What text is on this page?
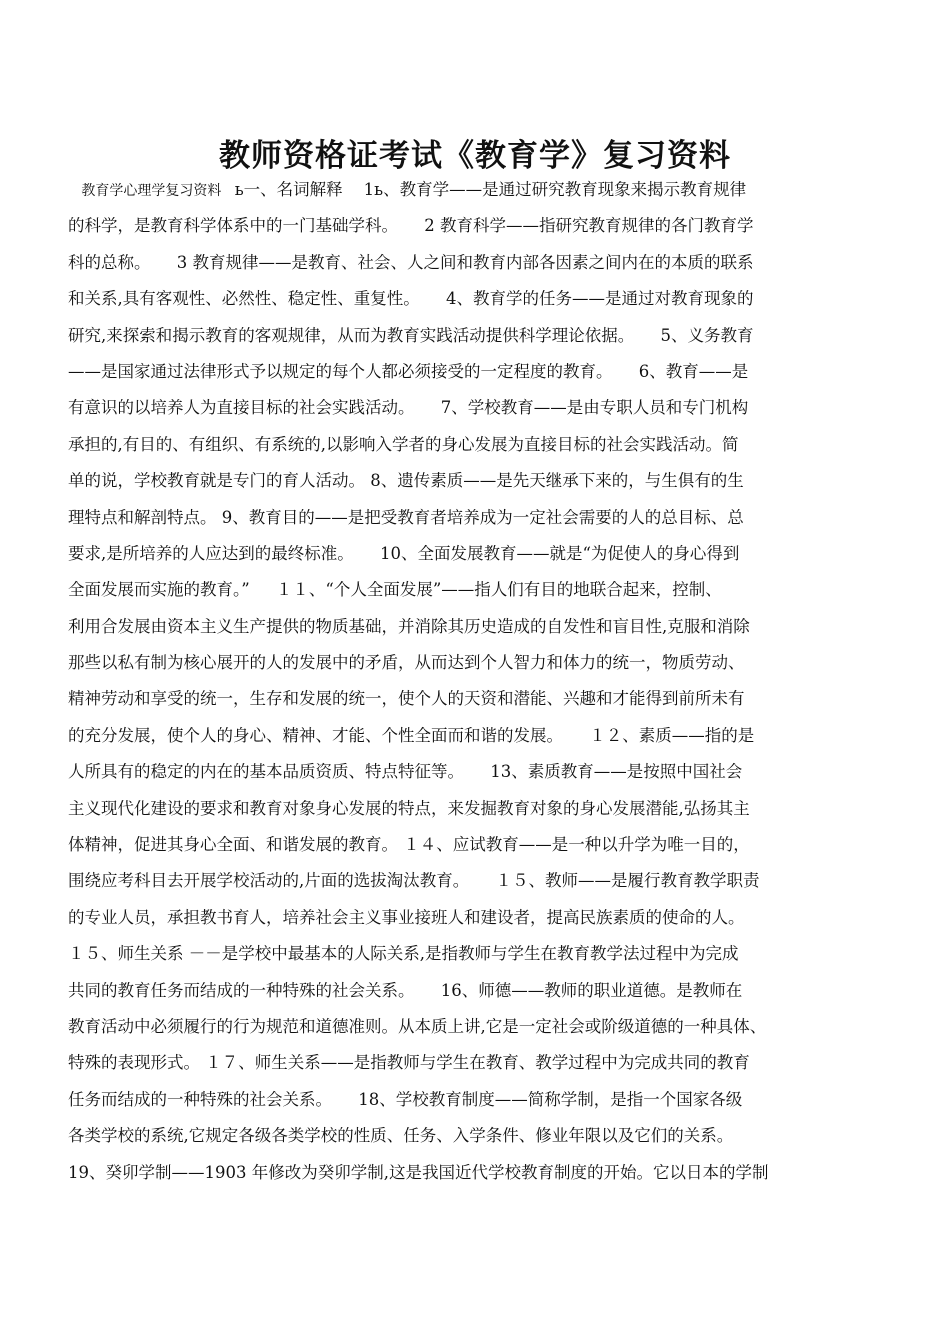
教师资格证考试《教育学》复习资料
教育学心理学复习资料   ь一、名词解释    1ь、教育学——是通过研究教育现象来揭示教育规律
的科学，是教育科学体系中的一门基础学科。     2 教育科学——指研究教育规律的各门教育学
科的总称。     3 教育规律——是教育、社会、人之间和教育内部各因素之间内在的本质的联系
和关系,具有客观性、必然性、稳定性、重复性。     4、教育学的任务——是通过对教育现象的
研究,来探索和揭示教育的客观规律，从而为教育实践活动提供科学理论依据。     5、义务教育
——是国家通过法律形式予以规定的每个人都必须接受的一定程度的教育。     6、教育——是
有意识的以培养人为直接目标的社会实践活动。     7、学校教育——是由专职人员和专门机构
承担的,有目的、有组织、有系统的,以影响入学者的身心发展为直接目标的社会实践活动。简
单的说，学校教育就是专门的育人活动。 8、遗传素质——是先天继承下来的，与生俱有的生
理特点和解剖特点。 9、教育目的——是把受教育者培养成为一定社会需要的人的总目标、总
要求,是所培养的人应达到的最终标准。     10、全面发展教育——就是“为促使人的身心得到
全面发展而实施的教育。”     １１、“个人全面发展”——指人们有目的地联合起来，控制、
利用合发展由资本主义生产提供的物质基础，并消除其历史造成的自发性和盲目性,克服和消除
那些以私有制为核心展开的人的发展中的矛盾，从而达到个人智力和体力的统一，物质劳动、
精神劳动和享受的统一，生存和发展的统一，使个人的天资和潜能、兴趣和才能得到前所未有
的充分发展，使个人的身心、精神、才能、个性全面而和谐的发展。     １２、素质——指的是
人所具有的稳定的内在的基本品质资质、特点特征等。     13、素质教育——是按照中国社会
主义现代化建设的要求和教育对象身心发展的特点，来发掘教育对象的身心发展潜能,弘扬其主
体精神，促进其身心全面、和谐发展的教育。 １４、应试教育——是一种以升学为唯一目的，
围绕应考科目去开展学校活动的,片面的选拔淘汰教育。     １５、教师——是履行教育教学职责
的专业人员，承担教书育人，培养社会主义事业接班人和建设者，提高民族素质的使命的人。
１５、师生关系 －－是学校中最基本的人际关系,是指教师与学生在教育教学法过程中为完成
共同的教育任务而结成的一种特殊的社会关系。     16、师德——教师的职业道德。是教师在
教育活动中必须履行的行为规范和道德准则。从本质上讲,它是一定社会或阶级道德的一种具体、
特殊的表现形式。 １７、师生关系——是指教师与学生在教育、教学过程中为完成共同的教育
任务而结成的一种特殊的社会关系。     18、学校教育制度——简称学制，是指一个国家各级
各类学校的系统,它规定各级各类学校的性质、任务、入学条件、修业年限以及它们的关系。
19、癸卯学制——1903 年修改为癸卯学制,这是我国近代学校教育制度的开始。它以日本的学制
